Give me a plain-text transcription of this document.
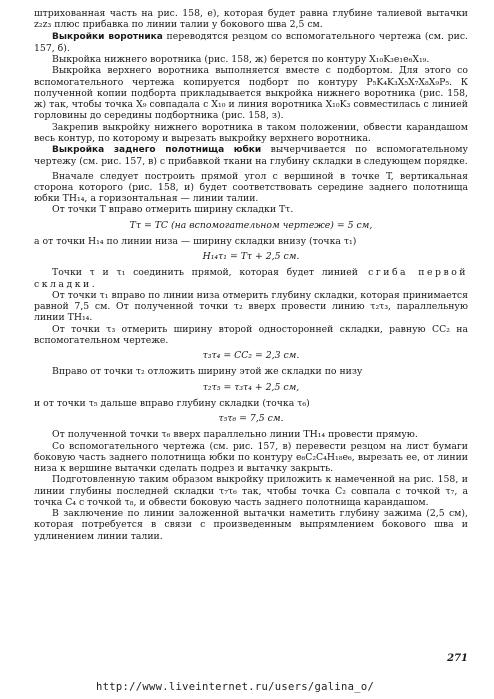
штрихованная часть на рис. 158, е), которая будет равна глубине талиевой вытачки z₂z₃ плюс прибавка по линии талии у бокового шва 2,5 см.

Выкройки воротника переводятся резцом со вспомогательного чертежа (см. рис. 157, б).

Выкройка нижнего воротника (рис. 158, ж) берется по контуру X₁₀K₃e₁e₆X₁₉.

Выкройка верхнего воротника выполняется вместе с подбортом. Для этого со вспомогательного чертежа копируется подборт по контуру P₅K₄K₃X₅X₇X₈X₉P₅. К полученной копии подборта прикладывается выкройка нижнего воротника (рис. 158, ж) так, чтобы точка X₉ совпадала с X₁₀ и линия воротника X₁₀K₃ совместилась с линией горловины до середины подбортника (рис. 158, з).

Закрепив выкройку нижнего воротника в таком положении, обвести карандашом весь контур, по которому и вырезать выкройку верхнего воротника.

Выкройка заднего полотнища юбки вычерчивается по вспомогательному чертежу (см. рис. 157, в) с прибавкой ткани на глубину складки в следующем порядке.

Вначале следует построить прямой угол с вершиной в точке T, вертикальная сторона которого (рис. 158, и) будет соответствовать середине заднего полотнища юбки TH₁₄, а горизонтальная — линии талии.

От точки T вправо отмерить ширину складки Tτ.

Tτ = TC (на вспомогательном чертеже) = 5 см,

а от точки H₁₄ по линии низа — ширину складки внизу (точка τ₁)

H₁₄τ₁ = Tτ + 2,5 см.

Точки τ и τ₁ соединить прямой, которая будет линией сгиба первой складки.

От точки τ₁ вправо по линии низа отмерить глубину складки, которая принимается равной 7,5 см. От полученной точки τ₂ вверх провести линию τ₂τ₃, параллельную линии TH₁₄.

От точки τ₃ отмерить ширину второй односторонней складки, равную CC₂ на вспомогательном чертеже.

τ₃τ₄ = CC₂ = 2,3 см.

Вправо от точки τ₂ отложить ширину этой же складки по низу

τ₂τ₅ = τ₃τ₄ + 2,5 см,

и от точки τ₅ дальше вправо глубину складки (точка τ₆)

τ₅τ₆ = 7,5 см.

От полученной точки τ₆ вверх параллельно линии TH₁₄ провести прямую.

Со вспомогательного чертежа (см. рис. 157, в) перевести резцом на лист бумаги боковую часть заднего полотнища юбки по контуру e₆C₂C₄H₁₈e₆, вырезать ее, от линии низа к вершине вытачки сделать подрез и вытачку закрыть.

Подготовленную таким образом выкройку приложить к намеченной на рис. 158, и линии глубины последней складки τ₇τ₆ так, чтобы точка C₂ совпала с точкой τ₇, а точка C₄ с точкой τ₈, и обвести боковую часть заднего полотнища карандашом.

В заключение по линии заложенной вытачки наметить глубину зажима (2,5 см), которая потребуется в связи с произведенным выпрямлением бокового шва и удлинением линии талии.

271
http://www.liveinternet.ru/users/galina_o/
